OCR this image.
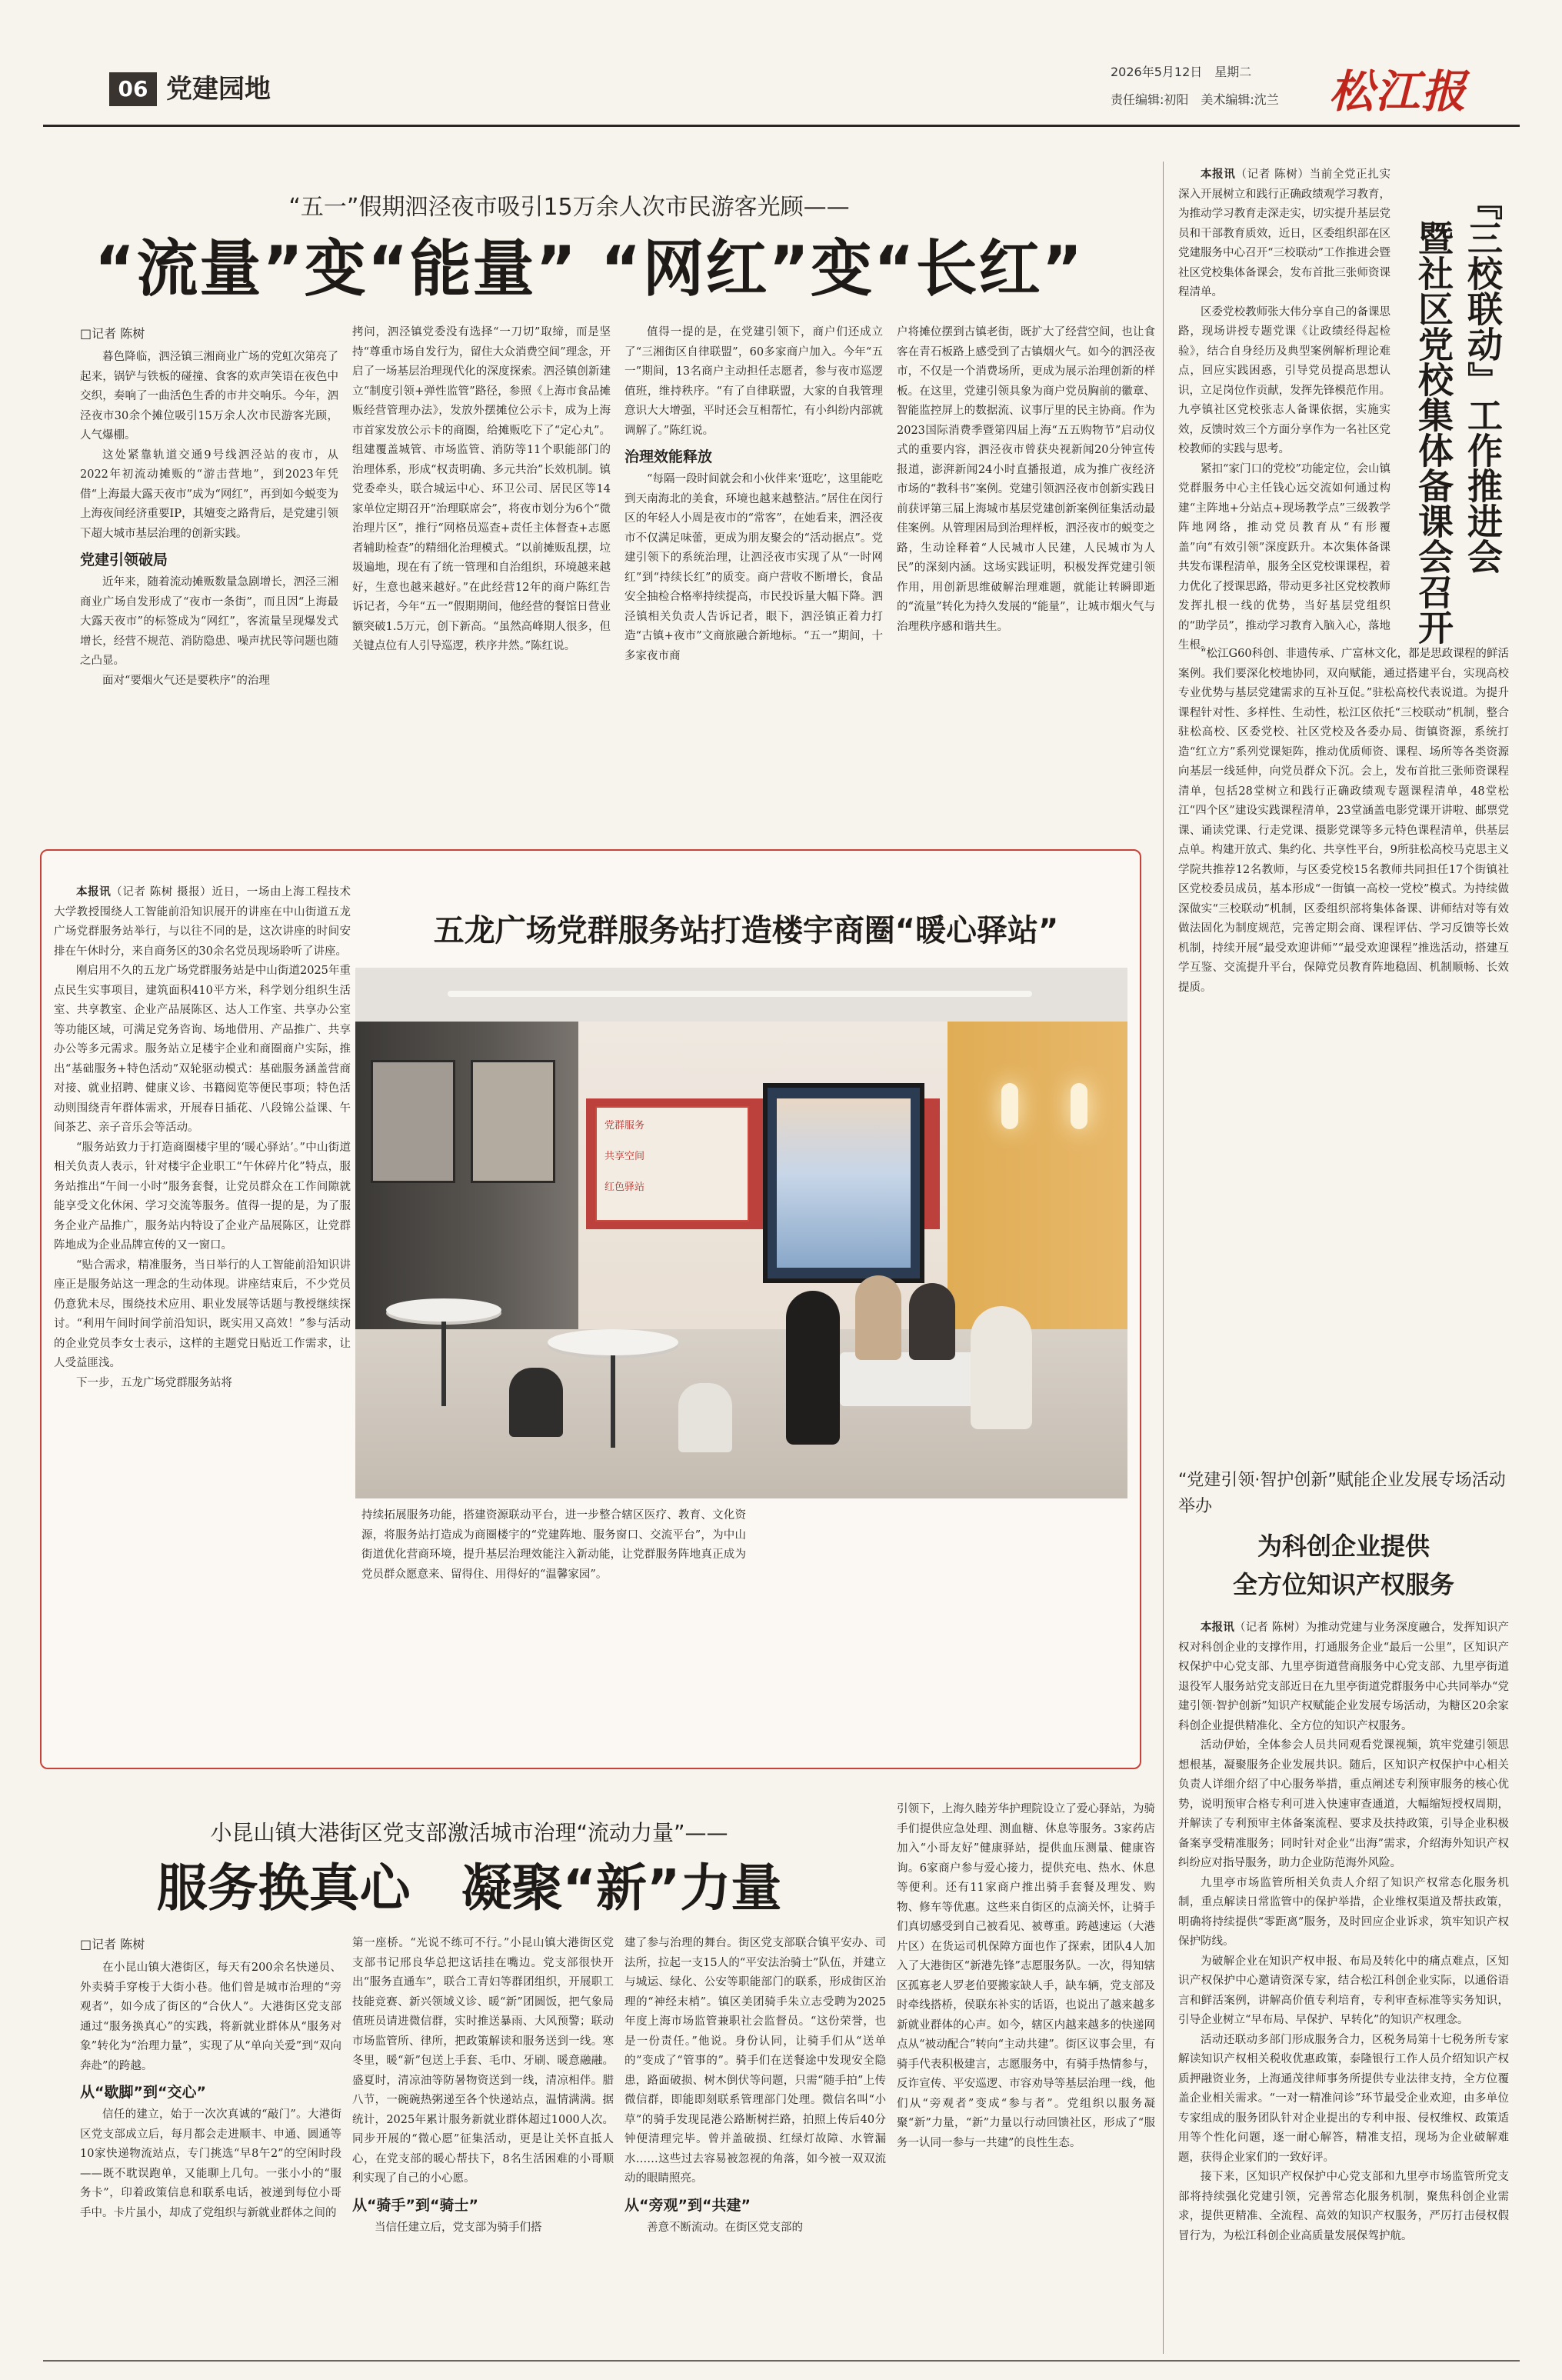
06 党建园地
2026年5月12日　 星期二
责任编辑:初阳　美术编辑:沈兰 松江报
“五一”假期泗泾夜市吸引15万余人次市民游客光顾——
“流量”变“能量” “网红”变“长红”
□记者 陈树

暮色降临，泗泾镇三湘商业广场的党虹次第亮了起来，锅铲与铁板的碰撞、食客的欢声笑语在夜色中交织，奏响了一曲活色生香的市井交响乐。今年，泗泾夜市30余个摊位吸引15万余人次市民游客光顾，人气爆棚。

这处紧靠轨道交通9号线泗泾站的夜市，从2022年初流动摊贩的“游击营地”，到2023年凭借“上海最大露天夜市”成为“网红”，再到如今蜕变为上海夜间经济重要IP，其嬗变之路背后，是党建引领下超大城市基层治理的创新实践。

党建引领破局

近年来，随着流动摊贩数量急剧增长，泗泾三湘商业广场自发形成了“夜市一条街”，而且因“上海最大露天夜市”的标签成为“网红”，客流量呈现爆发式增长，经营不规范、消防隐患、噪声扰民等问题也随之凸显。

面对“要烟火气还是要秩序”的治理

拷问，泗泾镇党委没有选择“一刀切”取缔，而是坚持“尊重市场自发行为，留住大众消费空间”理念，开启了一场基层治理现代化的深度探索。泗泾镇创新建立“制度引领+弹性监管”路径，参照《上海市食品摊贩经营管理办法》，发放外摆摊位公示卡，成为上海市首家发放公示卡的商圈，给摊贩吃下了“定心丸”。组建覆盖城管、市场监管、消防等11个职能部门的治理体系，形成“权责明确、多元共治”长效机制。镇党委牵头，联合城运中心、环卫公司、居民区等14家单位定期召开“治理联席会”，将夜市划分为6个“微治理片区”，推行“网格员巡查+责任主体督查+志愿者辅助检查”的精细化治理模式。“以前摊贩乱摆，垃圾遍地，现在有了统一管理和自治组织，环境越来越好，生意也越来越好。”在此经营12年的商户陈红告诉记者，今年“五一”假期期间，他经营的餐馆日营业额突破1.5万元，创下新高。“虽然高峰期人很多，但关键点位有人引导巡逻，秩序井然。”陈红说。

值得一提的是，在党建引领下，商户们还成立了“三湘街区自律联盟”，60多家商户加入。今年“五一”期间，13名商户主动担任志愿者，参与夜市巡逻值班，维持秩序。“有了自律联盟，大家的自我管理意识大大增强，平时还会互相帮忙，有小纠纷内部就调解了。”陈红说。

治理效能释放

“每隔一段时间就会和小伙伴来‘逛吃’，这里能吃到天南海北的美食，环境也越来越整洁。”居住在闵行区的年轻人小周是夜市的“常客”，在她看来，泗泾夜市不仅满足味蕾，更成为朋友聚会的“活动据点”。党建引领下的系统治理，让泗泾夜市实现了从“一时网红”到“持续长红”的质变。商户营收不断增长，食品安全抽检合格率持续提高，市民投诉量大幅下降。泗泾镇相关负责人告诉记者，眼下，泗泾镇正着力打造“古镇+夜市”文商旅融合新地标。“五一”期间，十多家夜市商

户将摊位摆到古镇老街，既扩大了经营空间，也让食客在青石板路上感受到了古镇烟火气。如今的泗泾夜市，不仅是一个消费场所，更成为展示治理创新的样板。在这里，党建引领具象为商户党员胸前的徽章、智能监控屏上的数据流、议事厅里的民主协商。作为2023国际消费季暨第四届上海“五五购物节”启动仪式的重要内容，泗泾夜市曾获央视新闻20分钟宣传报道，澎湃新闻24小时直播报道，成为推广夜经济市场的“教科书”案例。党建引领泗泾夜市创新实践日前获评第三届上海城市基层党建创新案例征集活动最佳案例。从管理困局到治理样板，泗泾夜市的蜕变之路，生动诠释着“人民城市人民建，人民城市为人民”的深刻内涵。这场实践证明，积极发挥党建引领作用，用创新思维破解治理难题，就能让转瞬即逝的“流量”转化为持久发展的“能量”，让城市烟火气与治理秩序感和谐共生。

『三校联动』工作推进会
暨社区党校集体备课会召开

本报讯（记者 陈树）当前全党正扎实深入开展树立和践行正确政绩观学习教育，为推动学习教育走深走实，切实提升基层党员和干部教育质效，近日，区委组织部在区党建服务中心召开“三校联动”工作推进会暨社区党校集体备课会，发布首批三张师资课程清单。

区委党校教师张大伟分享自己的备课思路，现场讲授专题党课《让政绩经得起检验》，结合自身经历及典型案例解析理论难点，回应实践困惑，引导党员提高思想认识，立足岗位作贡献，发挥先锋模范作用。九亭镇社区党校张志人备课依据，实施实效，反馈时效三个方面分享作为一名社区党校教师的实践与思考。

紧扣“家门口的党校”功能定位，会山镇党群服务中心主任钱心远交流如何通过构建“主阵地+分站点+现场教学点”三级教学阵地网络，推动党员教育从“有形覆盖”向“有效引领”深度跃升。本次集体备课共发布课程清单，服务全区党校课课程，着力优化了授课思路，带动更多社区党校教师发挥扎根一线的优势，当好基层党组织的“助学员”，推动学习教育入脑入心，落地生根。

“松江G60科创、非遗传承、广富林文化，都是思政课程的鲜活案例。我们要深化校地协同，双向赋能，通过搭建平台，实现高校专业优势与基层党建需求的互补互促。”驻松高校代表说道。为提升课程针对性、多样性、生动性，松江区依托“三校联动”机制，整合驻松高校、区委党校、社区党校及各委办局、街镇资源，系统打造“红立方”系列党课矩阵，推动优质师资、课程、场所等各类资源向基层一线延伸，向党员群众下沉。会上，发布首批三张师资课程清单，包括28堂树立和践行正确政绩观专题课程清单，48堂松江“四个区”建设实践课程清单，23堂涵盖电影党课开讲啦、邮票党课、诵读党课、行走党课、摄影党课等多元特色课程清单，供基层点单。构建开放式、集约化、共享性平台，9所驻松高校马克思主义学院共推荐12名教师，与区委党校15名教师共同担任17个街镇社区党校委员成员，基本形成“一街镇一高校一党校”模式。为持续做深做实“三校联动”机制，区委组织部将集体备课、讲师结对等有效做法固化为制度规范，完善定期会商、课程评估、学习反馈等长效机制，持续开展“最受欢迎讲师”“最受欢迎课程”推选活动，搭建互学互鉴、交流提升平台，保障党员教育阵地稳固、机制顺畅、长效提质。

本报讯（记者 陈树 摄报）近日，一场由上海工程技术大学教授围绕人工智能前沿知识展开的讲座在中山街道五龙广场党群服务站举行，与以往不同的是，这次讲座的时间安排在午休时分，来自商务区的30余名党员现场聆听了讲座。

刚启用不久的五龙广场党群服务站是中山街道2025年重点民生实事项目，建筑面积410平方米，科学划分组织生活室、共享教室、企业产品展陈区、达人工作室、共享办公室等功能区域，可满足党务咨询、场地借用、产品推广、共享办公等多元需求。服务站立足楼宇企业和商圈商户实际，推出“基础服务+特色活动”双轮驱动模式：基础服务涵盖营商对接、就业招聘、健康义诊、书籍阅览等便民事项；特色活动则围绕青年群体需求，开展春日插花、八段锦公益课、午间茶艺、亲子音乐会等活动。

“服务站致力于打造商圈楼宇里的‘暖心驿站’。”中山街道相关负责人表示，针对楼宇企业职工“午休碎片化”特点，服务站推出“午间一小时”服务套餐，让党员群众在工作间隙就能享受文化休闲、学习交流等服务。值得一提的是，为了服务企业产品推广，服务站内特设了企业产品展陈区，让党群阵地成为企业品牌宣传的又一窗口。

“贴合需求，精准服务，当日举行的人工智能前沿知识讲座正是服务站这一理念的生动体现。讲座结束后，不少党员仍意犹未尽，围绕技术应用、职业发展等话题与教授继续探讨。“利用午间时间学前沿知识，既实用又高效！”参与活动的企业党员李女士表示，这样的主题党日贴近工作需求，让人受益匪浅。

下一步，五龙广场党群服务站将

五龙广场党群服务站打造楼宇商圈“暖心驿站”
党群服务
共享空间
红色驿站

持续拓展服务功能，搭建资源联动平台，进一步整合辖区医疗、教育、文化资源，将服务站打造成为商圈楼宇的“党建阵地、服务窗口、交流平台”，为中山街道优化营商环境，提升基层治理效能注入新动能，让党群服务阵地真正成为党员群众愿意来、留得住、用得好的“温馨家园”。

“党建引领·智护创新”赋能企业发展专场活动举办
为科创企业提供
全方位知识产权服务

本报讯（记者 陈树）为推动党建与业务深度融合，发挥知识产权对科创企业的支撑作用，打通服务企业“最后一公里”，区知识产权保护中心党支部、九里亭街道营商服务中心党支部、九里亭街道退役军人服务站党支部近日在九里亭街道党群服务中心共同举办“党建引领·智护创新”知识产权赋能企业发展专场活动，为糖区20余家科创企业提供精准化、全方位的知识产权服务。

活动伊始，全体参会人员共同观看党课视频，筑牢党建引领思想根基，凝聚服务企业发展共识。随后，区知识产权保护中心相关负责人详细介绍了中心服务举措，重点阐述专利预审服务的核心优势，说明预审合格专利可进入快速审查通道，大幅缩短授权周期，并解读了专利预审主体备案流程、要求及扶持政策，引导企业积极备案享受精准服务；同时针对企业“出海”需求，介绍海外知识产权纠纷应对指导服务，助力企业防范海外风险。

九里亭市场监管所相关负责人介绍了知识产权常态化服务机制，重点解读日常监管中的保护举措，企业维权渠道及帮扶政策，明确将持续提供“零距离”服务，及时回应企业诉求，筑牢知识产权保护防线。

为破解企业在知识产权申报、布局及转化中的痛点难点，区知识产权保护中心邀请资深专家，结合松江科创企业实际，以通俗语言和鲜活案例，讲解高价值专利培育，专利审查标准等实务知识，引导企业树立“早布局、早保护、早转化”的知识产权理念。

活动还联动多部门形成服务合力，区税务局第十七税务所专家解读知识产权相关税收优惠政策，泰隆银行工作人员介绍知识产权质押融资业务，上海通茂律师事务所提供专业法律支持，全方位覆盖企业相关需求。“一对一精准问诊”环节最受企业欢迎，由多单位专家组成的服务团队针对企业提出的专利申报、侵权维权、政策适用等个性化问题，逐一耐心解答，精准支招，现场为企业破解难题，获得企业家们的一致好评。

接下来，区知识产权保护中心党支部和九里亭市场监管所党支部将持续强化党建引领，完善常态化服务机制，聚焦科创企业需求，提供更精准、全流程、高效的知识产权服务，严厉打击侵权假冒行为，为松江科创企业高质量发展保驾护航。

小昆山镇大港街区党支部激活城市治理“流动力量”——
服务换真心　凝聚“新”力量
□记者 陈树

在小昆山镇大港街区，每天有200余名快递员、外卖骑手穿梭于大街小巷。他们曾是城市治理的“旁观者”，如今成了街区的“合伙人”。大港街区党支部通过“服务换真心”的实践，将新就业群体从“服务对象”转化为“治理力量”，实现了从“单向关爱”到“双向奔赴”的跨越。

从“歇脚”到“交心”

信任的建立，始于一次次真诚的“敲门”。大港街区党支部成立后，每月都会走进顺丰、申通、圆通等10家快递物流站点，专门挑选“早8午2”的空闲时段——既不耽误跑单，又能聊上几句。一张小小的“服务卡”，印着政策信息和联系电话，被递到每位小哥手中。卡片虽小，却成了党组织与新就业群体之间的

第一座桥。“光说不练可不行。”小昆山镇大港街区党支部书记邢良华总把这话挂在嘴边。党支部很快开出“服务直通车”，联合工青妇等群团组织，开展职工技能竞赛、新兴领域义诊、暖“新”团圆饭，把气象局值班员请进微信群，实时推送暴雨、大风预警；联动市场监管所、律所，把政策解读和服务送到一线。寒冬里，暖“新”包送上手套、毛巾、牙刷、暖意融融。盛夏时，清凉油等防暑物资送到一线，清凉相伴。腊八节，一碗碗热粥递至各个快递站点，温情满满。据统计，2025年累计服务新就业群体超过1000人次。同步开展的“微心愿”征集活动，更是让关怀直抵人心，在党支部的暖心帮扶下，8名生活困难的小哥顺利实现了自己的小心愿。

从“骑手”到“骑士”

当信任建立后，党支部为骑手们搭

建了参与治理的舞台。街区党支部联合镇平安办、司法所，拉起一支15人的“平安法治骑士”队伍，并建立与城运、绿化、公安等职能部门的联系，形成街区治理的“神经末梢”。镇区美团骑手朱立志受聘为2025年度上海市场监管兼职社会监督员。“这份荣誉，也是一份责任。”他说。身份认同，让骑手们从“送单的”变成了“管事的”。骑手们在送餐途中发现安全隐患，路面破损、树木倒伏等问题，只需“随手拍”上传微信群，即能即刻联系管理部门处理。微信名叫“小草”的骑手发现昆港公路断树拦路，拍照上传后40分钟便清理完毕。曾并盖破损、红绿灯故障、水管漏水……这些过去容易被忽视的角落，如今被一双双流动的眼睛照亮。

从“旁观”到“共建”

善意不断流动。在街区党支部的

引领下，上海久睦芳华护理院设立了爱心驿站，为骑手们提供应急处理、测血糖、休息等服务。3家药店加入“小哥友好”健康驿站，提供血压测量、健康咨询。6家商户参与爱心接力，提供充电、热水、休息等便利。还有11家商户推出骑手套餐及理发、购物、修车等优惠。这些来自街区的点滴关怀，让骑手们真切感受到自己被看见、被尊重。跨越速运（大港片区）在货运司机保障方面也作了探索，团队4人加入了大港街区“新港先锋”志愿服务队。一次，得知辖区孤寡老人罗老伯要搬家缺人手，缺车辆，党支部及时牵线搭桥，侯联东补实的话语，也说出了越来越多新就业群体的心声。如今，辖区内越来越多的快递网点从“被动配合”转向“主动共建”。街区议事会里，有骑手代表积极建言，志愿服务中，有骑手热情参与，反诈宣传、平安巡逻、市容劝导等基层治理一线，他们从“旁观者”变成“参与者”。党组织以服务凝聚“新”力量，“新”力量以行动回馈社区，形成了“服务一认同一参与一共建”的良性生态。
